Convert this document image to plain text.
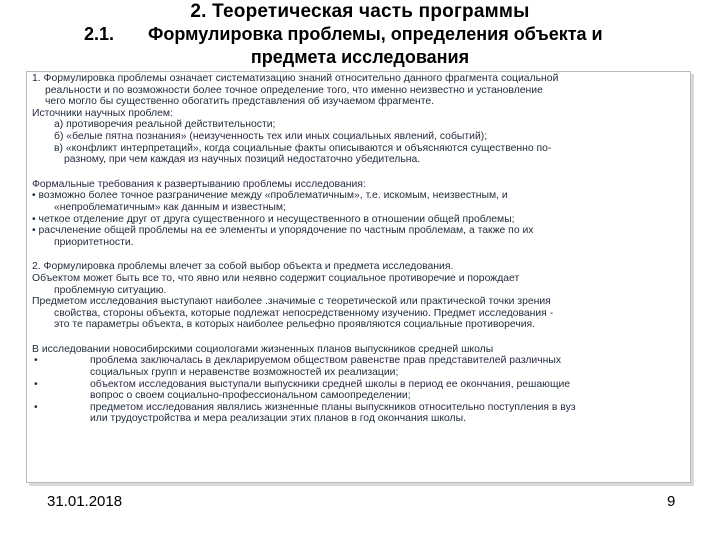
2. Теоретическая часть программы
2.1. Формулировка проблемы, определения объекта и
предмета исследования

1. Формулировка проблемы означает систематизацию знаний относительно данного фрагмента социальной

реальности и по возможности более точное определение того, что именно неизвестно и установление

чего могло бы существенно обогатить представления об изучаемом фрагменте.

Источники научных проблем:

а) противоречия реальной действительности;

б) «белые пятна познания» (неизученность тех или иных социальных явлений, событий);

в) «конфликт интерпретаций», когда социальные факты описываются и объясняются существенно по-

разному, при чем каждая из научных позиций недостаточно убедительна.

Формальные требования к развертыванию проблемы исследования:

• возможно более точное разграничение между «проблематичным», т.е. искомым, неизвестным, и

«непроблематичным» как данным и известным;

• четкое отделение друг от друга существенного и несущественного в отношении общей проблемы;

• расчленение общей проблемы на ее элементы и упорядочение по частным проблемам, а также по их

приоритетности.

2. Формулировка проблемы влечет за собой выбор объекта и предмета исследования.

Объектом может быть все то, что явно или неявно содержит социальное противоречие и порождает

проблемную ситуацию.

Предметом исследования выступают наиболее .значимые с теоретической или практической точки зрения

свойства, стороны объекта, которые подлежат непосредственному изучению. Предмет исследования -

это те параметры объекта, в которых наиболее рельефно проявляются социальные противоречия.

В исследовании новосибирскими социологами жизненных планов выпускников средней школы

•	проблема заключалась в декларируемом обществом равенстве прав представителей различных

социальных групп и неравенстве возможностей их реализации;

•	объектом исследования выступали выпускники средней школы в период ее окончания, решающие

вопрос о своем социально-профессиональном самоопределении;

•	предметом исследования являлись жизненные планы выпускников относительно поступления в вуз

или трудоустройства и мера реализации этих планов в год окончания школы.

31.01.2018	9
